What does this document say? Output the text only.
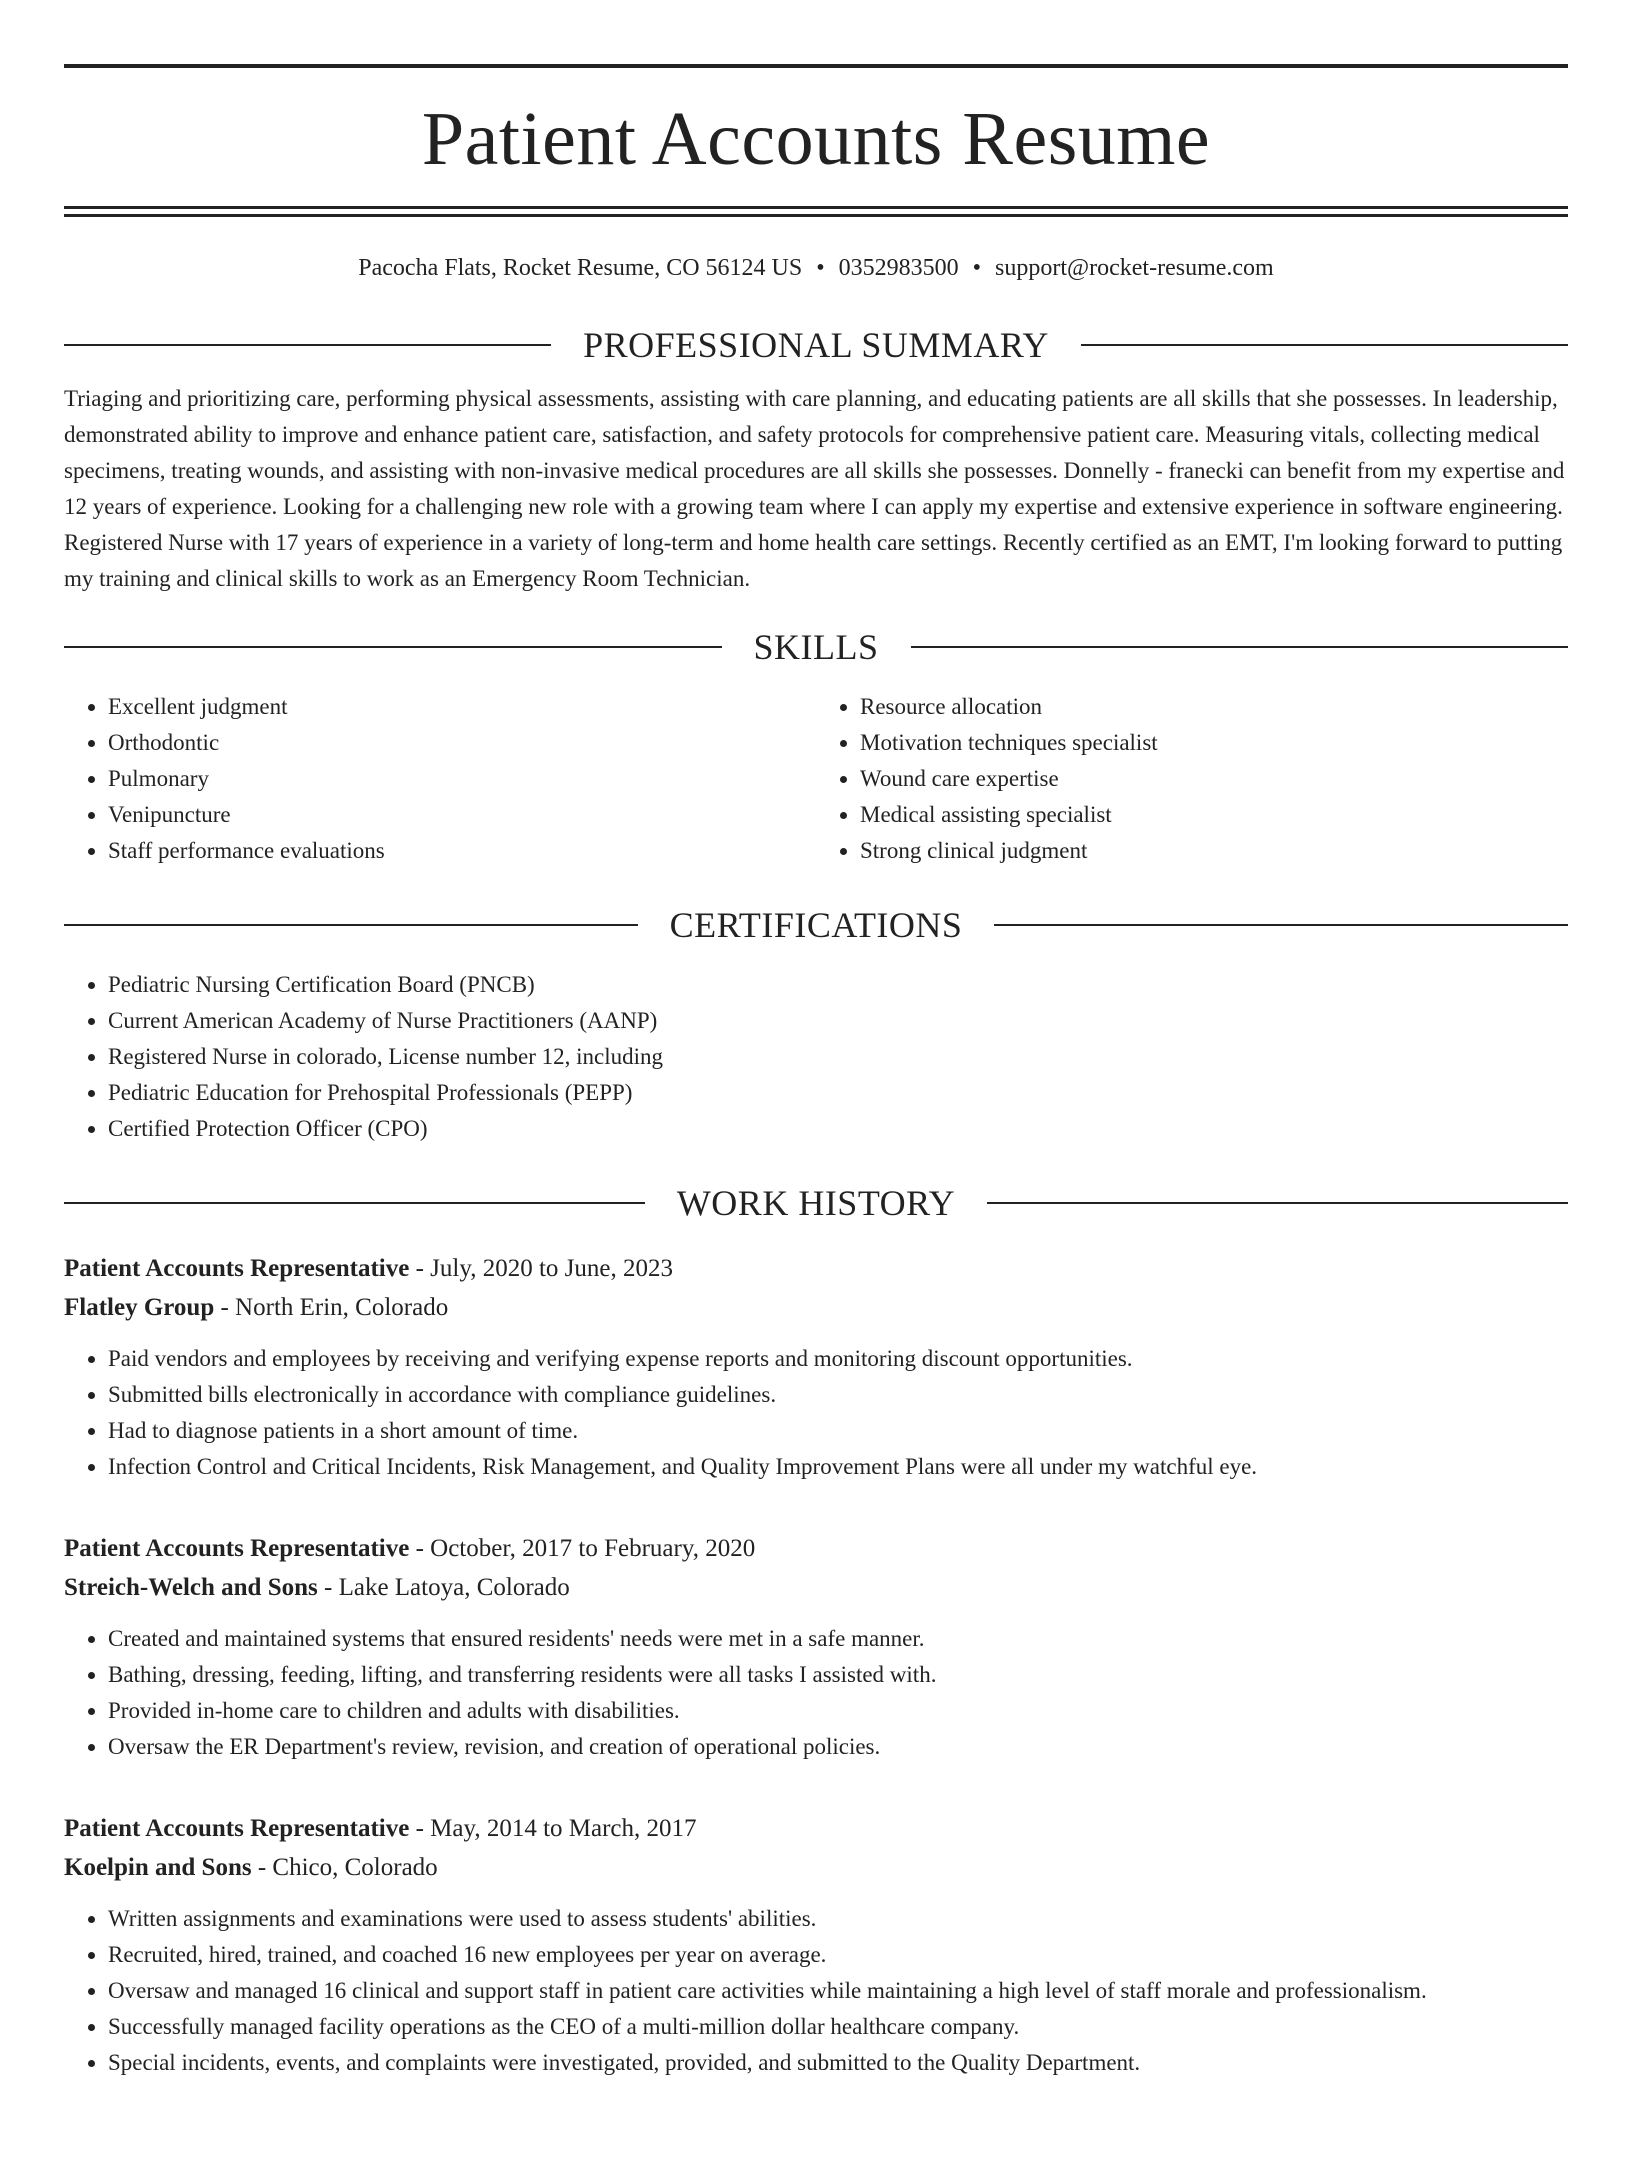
Patient Accounts Resume
Pacocha Flats, Rocket Resume, CO 56124 US • 0352983500 • support@rocket-resume.com
PROFESSIONAL SUMMARY

Triaging and prioritizing care, performing physical assessments, assisting with care planning, and educating patients are all skills that she possesses. In leadership, demonstrated ability to improve and enhance patient care, satisfaction, and safety protocols for comprehensive patient care. Measuring vitals, collecting medical specimens, treating wounds, and assisting with non-invasive medical procedures are all skills she possesses. Donnelly - franecki can benefit from my expertise and 12 years of experience. Looking for a challenging new role with a growing team where I can apply my expertise and extensive experience in software engineering. Registered Nurse with 17 years of experience in a variety of long-term and home health care settings. Recently certified as an EMT, I'm looking forward to putting my training and clinical skills to work as an Emergency Room Technician.

SKILLS
• Excellent judgment
• Orthodontic
• Pulmonary
• Venipuncture
• Staff performance evaluations
• Resource allocation
• Motivation techniques specialist
• Wound care expertise
• Medical assisting specialist
• Strong clinical judgment
CERTIFICATIONS
• Pediatric Nursing Certification Board (PNCB)
• Current American Academy of Nurse Practitioners (AANP)
• Registered Nurse in colorado, License number 12, including
• Pediatric Education for Prehospital Professionals (PEPP)
• Certified Protection Officer (CPO)
WORK HISTORY
Patient Accounts Representative - July, 2020 to June, 2023
Flatley Group - North Erin, Colorado
• Paid vendors and employees by receiving and verifying expense reports and monitoring discount opportunities.
• Submitted bills electronically in accordance with compliance guidelines.
• Had to diagnose patients in a short amount of time.
• Infection Control and Critical Incidents, Risk Management, and Quality Improvement Plans were all under my watchful eye.
Patient Accounts Representative - October, 2017 to February, 2020
Streich-Welch and Sons - Lake Latoya, Colorado
• Created and maintained systems that ensured residents' needs were met in a safe manner.
• Bathing, dressing, feeding, lifting, and transferring residents were all tasks I assisted with.
• Provided in-home care to children and adults with disabilities.
• Oversaw the ER Department's review, revision, and creation of operational policies.
Patient Accounts Representative - May, 2014 to March, 2017
Koelpin and Sons - Chico, Colorado
• Written assignments and examinations were used to assess students' abilities.
• Recruited, hired, trained, and coached 16 new employees per year on average.
• Oversaw and managed 16 clinical and support staff in patient care activities while maintaining a high level of staff morale and professionalism.
• Successfully managed facility operations as the CEO of a multi-million dollar healthcare company.
• Special incidents, events, and complaints were investigated, provided, and submitted to the Quality Department.
